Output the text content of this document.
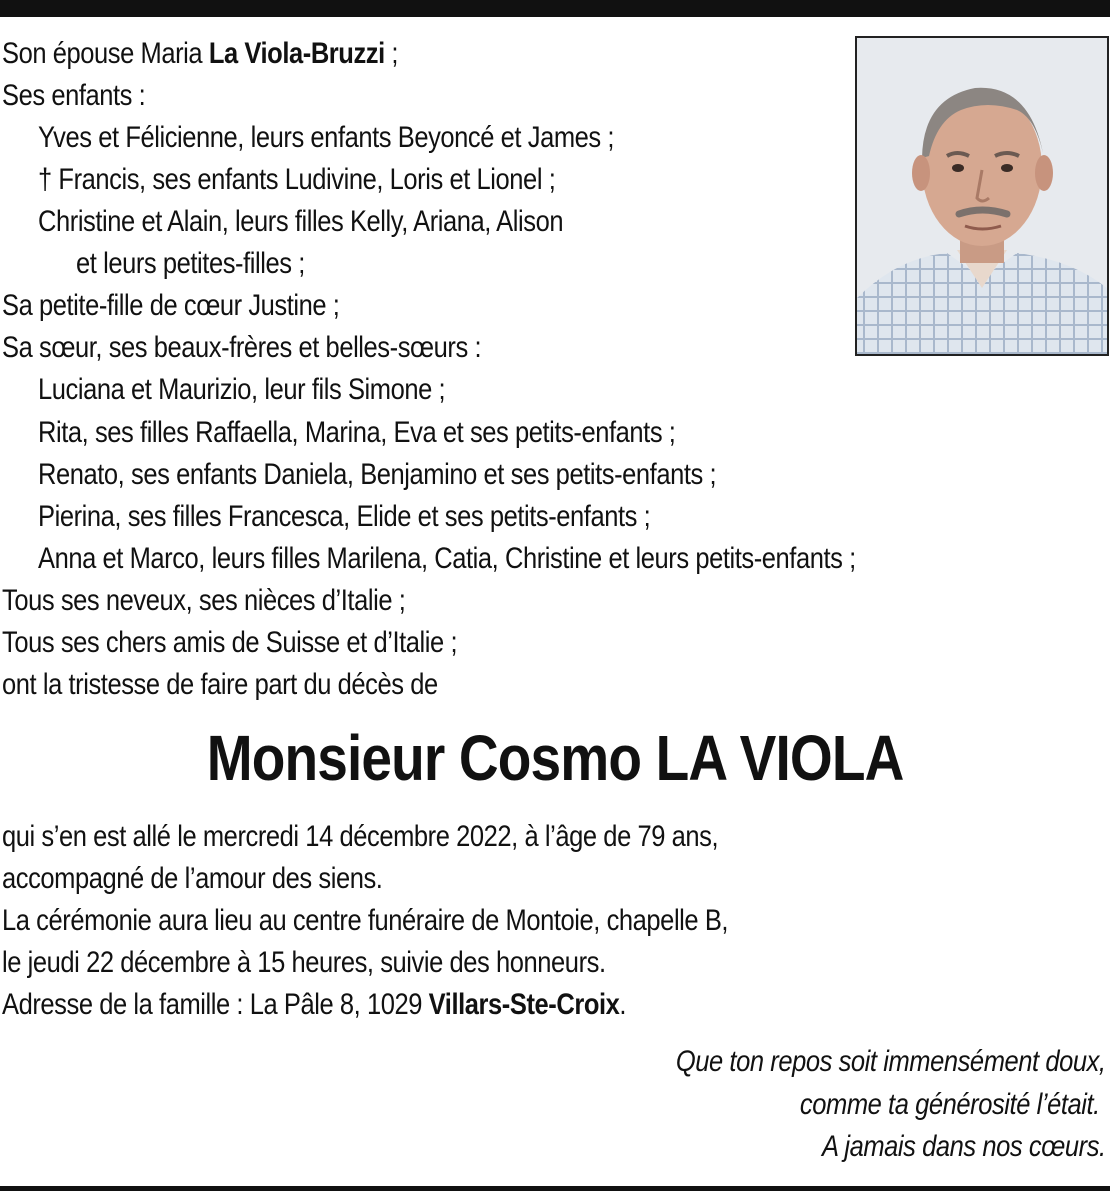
Son épouse Maria La Viola-Bruzzi ;
Ses enfants :
Yves et Félicienne, leurs enfants Beyoncé et James ;
† Francis, ses enfants Ludivine, Loris et Lionel ;
Christine et Alain, leurs filles Kelly, Ariana, Alison
et leurs petites-filles ;
Sa petite-fille de cœur Justine ;
Sa sœur, ses beaux-frères et belles-sœurs :
Luciana et Maurizio, leur fils Simone ;
Rita, ses filles Raffaella, Marina, Eva et ses petits-enfants ;
Renato, ses enfants Daniela, Benjamino et ses petits-enfants ;
Pierina, ses filles Francesca, Elide et ses petits-enfants ;
Anna et Marco, leurs filles Marilena, Catia, Christine et leurs petits-enfants ;
Tous ses neveux, ses nièces d’Italie ;
Tous ses chers amis de Suisse et d’Italie ;
ont la tristesse de faire part du décès de
Monsieur Cosmo LA VIOLA
qui s’en est allé le mercredi 14 décembre 2022, à l’âge de 79 ans,
accompagné de l’amour des siens.
La cérémonie aura lieu au centre funéraire de Montoie, chapelle B,
le jeudi 22 décembre à 15 heures, suivie des honneurs.
Adresse de la famille : La Pâle 8, 1029 Villars-Ste-Croix.
Que ton repos soit immensément doux,
comme ta générosité l’était.
A jamais dans nos cœurs.
